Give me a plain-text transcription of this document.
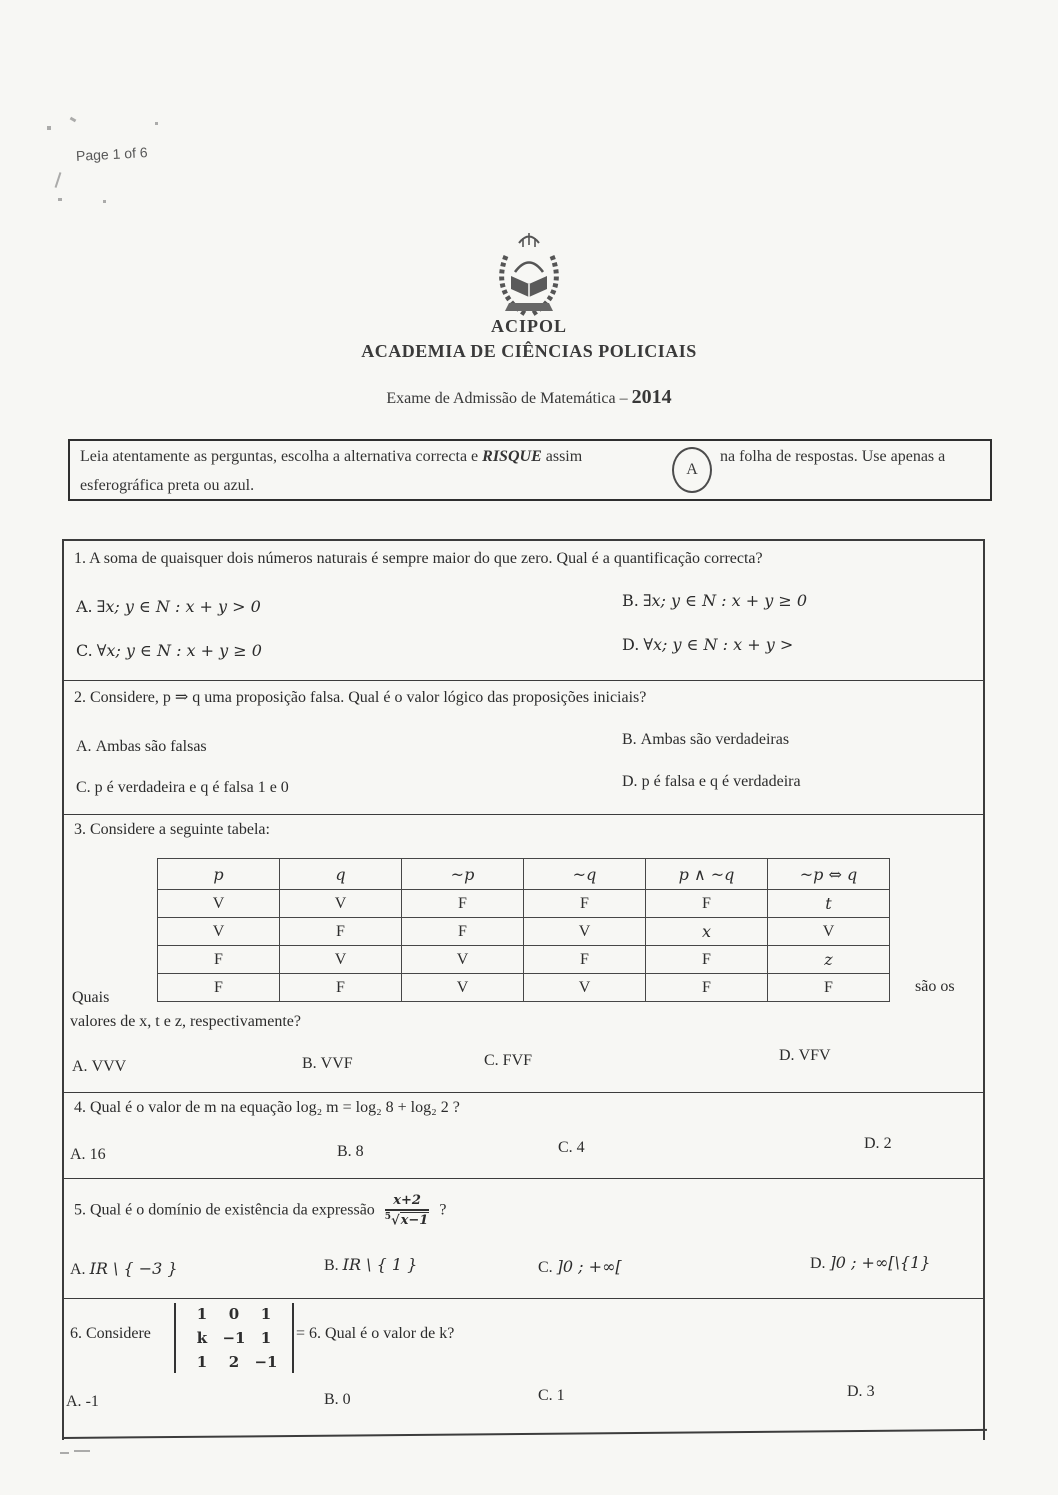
Page 1 of 6
ACIPOL
ACADEMIA DE CIÊNCIAS POLICIAIS
Exame de Admissão de Matemática – 2014
Leia atentamente as perguntas, escolha a alternativa correcta e RISQUE assim
A
na folha de respostas. Use apenas a
esferográfica preta ou azul.
1. A soma de quaisquer dois números naturais é sempre maior do que zero. Qual é a quantificação correcta?
A. ∃x; y ∈ N : x + y > 0	B. ∃x; y ∈ N : x + y ≥ 0
C. ∀x; y ∈ N : x + y ≥ 0	D. ∀x; y ∈ N : x + y >
2. Considere, p ⇒ q uma proposição falsa. Qual é o valor lógico das proposições iniciais?
A. Ambas são falsas	B. Ambas são verdadeiras
C. p é verdadeira e q é falsa 1 e 0	D. p é falsa e q é verdadeira
3. Considere a seguinte tabela:
p	q	~p	~q	p ∧ ~q	~p ⇔ q
V	V	F	F	F	t
V	F	F	V	x	V
F	V	V	F	F	z
F	F	V	V	F	F
Quais
são os
valores de x, t e z, respectivamente?
A. VVV	B. VVF	C. FVF	D. VFV
4. Qual é o valor de m na equação log₂ m = log₂ 8 + log₂ 2 ?
A. 16	B. 8	C. 4	D. 2
5. Qual é o domínio de existência da expressão $\frac{x+2}{^5√x-1}$ ?
A. IR \ { −3 }	B. IR \ { 1 }	C. ]0 ; +∞[	D. ]0 ; +∞[\{1}
6. Considere
1	0	1
k	−1	1
1	2	−1
= 6. Qual é o valor de k?
A. -1	B. 0	C. 1	D. 3
